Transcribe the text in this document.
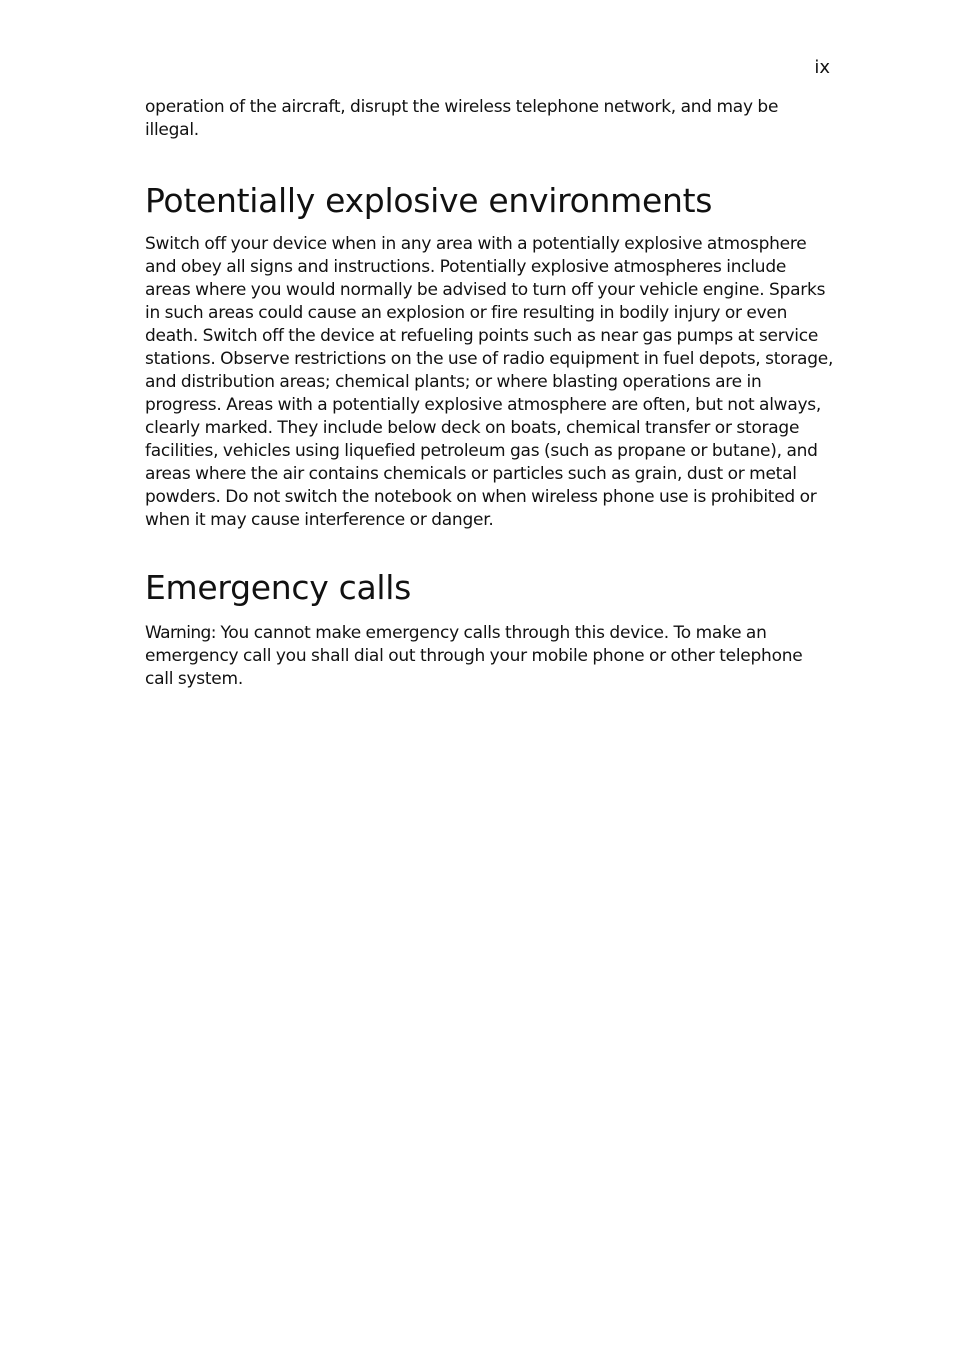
ix

operation of the aircraft, disrupt the wireless telephone network, and may be illegal.

Potentially explosive environments

Switch off your device when in any area with a potentially explosive atmosphere and obey all signs and instructions. Potentially explosive atmospheres include areas where you would normally be advised to turn off your vehicle engine. Sparks in such areas could cause an explosion or fire resulting in bodily injury or even death. Switch off the device at refueling points such as near gas pumps at service stations. Observe restrictions on the use of radio equipment in fuel depots, storage, and distribution areas; chemical plants; or where blasting operations are in progress. Areas with a potentially explosive atmosphere are often, but not always, clearly marked. They include below deck on boats, chemical transfer or storage facilities, vehicles using liquefied petroleum gas (such as propane or butane), and areas where the air contains chemicals or particles such as grain, dust or metal powders. Do not switch the notebook on when wireless phone use is prohibited or when it may cause interference or danger.

Emergency calls

Warning: You cannot make emergency calls through this device. To make an emergency call you shall dial out through your mobile phone or other telephone call system.
